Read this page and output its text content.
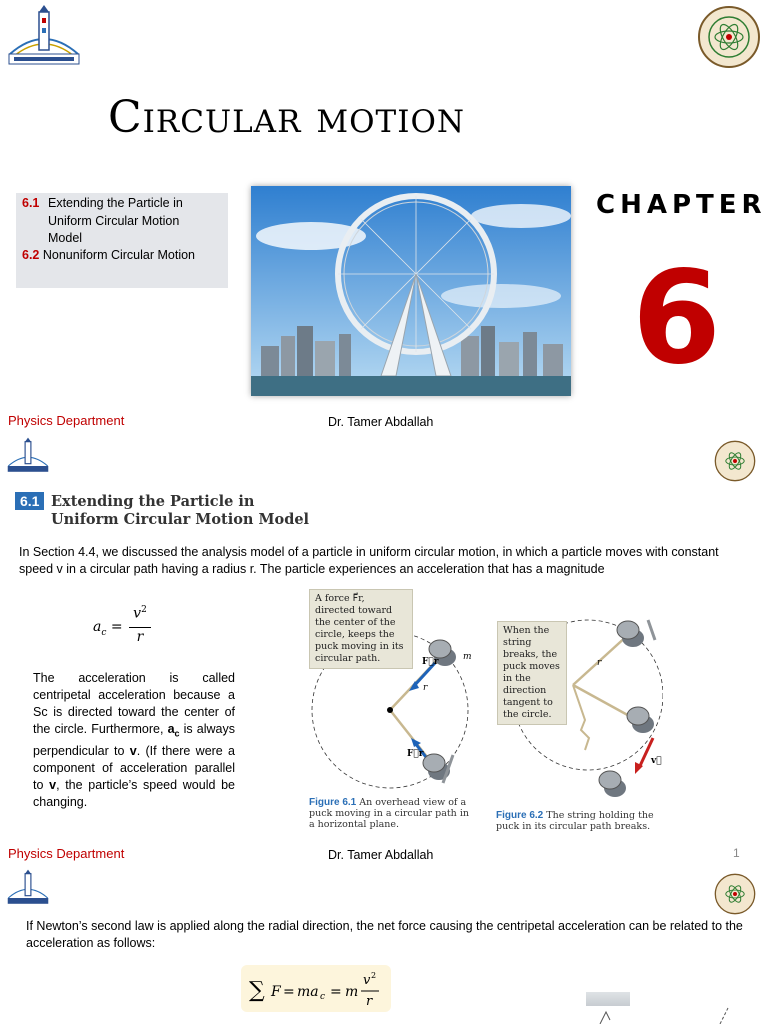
Circular motion
6.1 Extending the Particle in Uniform Circular Motion Model
6.2 Nonuniform Circular Motion
CHAPTER
6
Physics Department	Dr. Tamer Abdallah
6.1 Extending the Particle in Uniform Circular Motion Model
In Section 4.4, we discussed the analysis model of a particle in uniform circular motion, in which a particle moves with constant speed v in a circular path having a radius r. The particle experiences an acceleration that has a magnitude
$a_c$ =
$v^2$
r
The acceleration is called centripetal acceleration because a Sc is directed toward the center of the circle. Furthermore, $a_c$ is always perpendicular to v. (If there were a component of acceleration parallel to v, the particle’s speed would be changing.
A force F⃗r, directed toward the center of the circle, keeps the puck moving in its circular path.	m
r
F⃗r
F⃗r
Figure 6.1 An overhead view of a puck moving in a circular path in a horizontal plane.
When the string breaks, the puck moves in the direction tangent to the circle.
r
v⃗
Figure 6.2 The string holding the puck in its circular path breaks.
Physics Department	Dr. Tamer Abdallah	1
If Newton’s second law is applied along the radial direction, the net force causing the centripetal acceleration can be related to the acceleration as follows:
∑ F = ma c = m
v 2
r
